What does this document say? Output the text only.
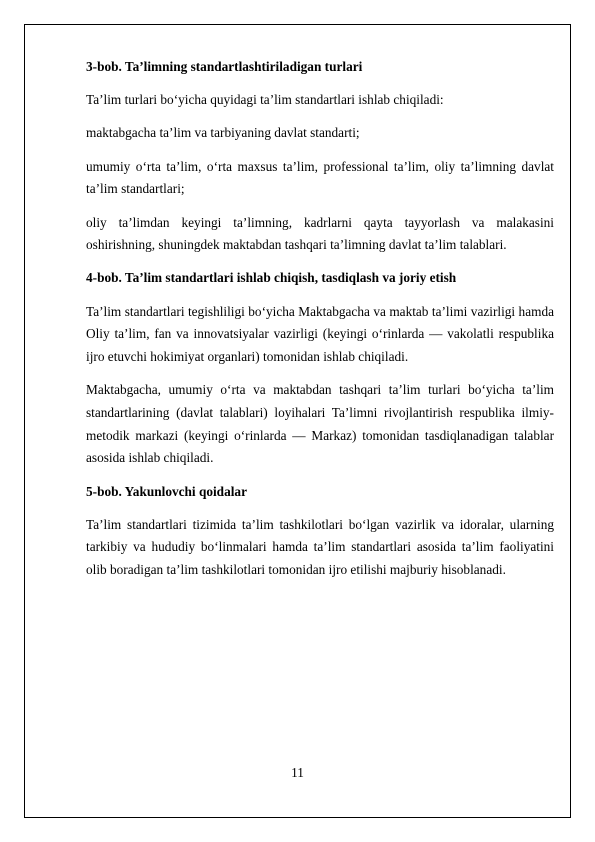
3-bob. Ta’limning standartlashtiriladigan turlari

Ta’lim turlari bo‘yicha quyidagi ta’lim standartlari ishlab chiqiladi:

maktabgacha ta’lim va tarbiyaning davlat standarti;

umumiy o‘rta ta’lim, o‘rta maxsus ta’lim, professional ta’lim, oliy ta’limning davlat ta’lim standartlari;

oliy ta’limdan keyingi ta’limning, kadrlarni qayta tayyorlash va malakasini oshirishning, shuningdek maktabdan tashqari ta’limning davlat ta’lim talablari.

4-bob. Ta’lim standartlari ishlab chiqish, tasdiqlash va joriy etish

Ta’lim standartlari tegishliligi bo‘yicha Maktabgacha va maktab ta’limi vazirligi hamda Oliy ta’lim, fan va innovatsiyalar vazirligi (keyingi o‘rinlarda — vakolatli respublika ijro etuvchi hokimiyat organlari) tomonidan ishlab chiqiladi.

Maktabgacha, umumiy o‘rta va maktabdan tashqari ta’lim turlari bo‘yicha ta’lim standartlarining (davlat talablari) loyihalari Ta’limni rivojlantirish respublika ilmiy-metodik markazi (keyingi o‘rinlarda — Markaz) tomonidan tasdiqlanadigan talablar asosida ishlab chiqiladi.

5-bob. Yakunlovchi qoidalar

Ta’lim standartlari tizimida ta’lim tashkilotlari bo‘lgan vazirlik va idoralar, ularning tarkibiy va hududiy bo‘linmalari hamda ta’lim standartlari asosida ta’lim faoliyatini olib boradigan ta’lim tashkilotlari tomonidan ijro etilishi majburiy hisoblanadi.

11
